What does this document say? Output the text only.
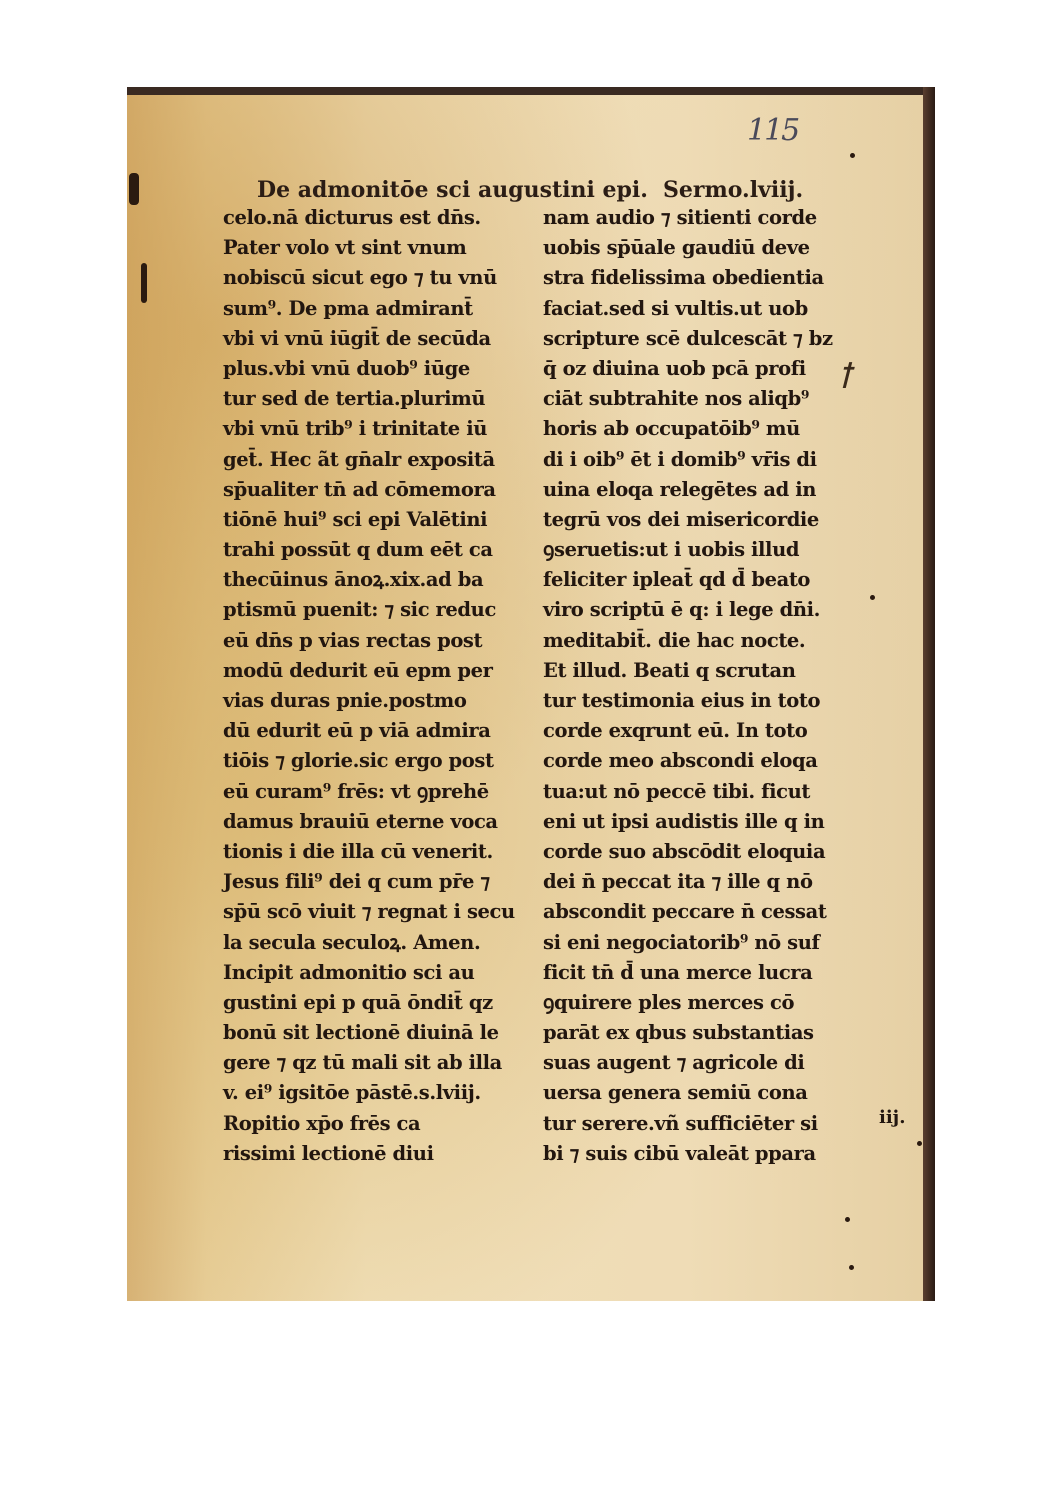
115
De admonitōe sci augustini epi. Sermo.lviij.
ꝉ
celo.nā dicturus est dn̄s.
Pater volo vt sint vnum
nobiscū sicut ego ⁊ tu vnū
sum⁹. De pma admirant̄
vbi vi vnū iūgit̄ de secūda
plus.vbi vnū duob⁹ iūge
tur sed de tertia.plurimū
vbi vnū trib⁹ i trinitate iū
get̄. Hec ãt gn̄alr expositā
sp̄ualiter tn̄ ad cōmemora
tiōnē hui⁹ sci epi Valētini
trahi possūt q dum eēt ca
thecūinus ānoꝝ.xix.ad ba
ptismū puenit: ⁊ sic reduc
eū dn̄s p vias rectas post
modū dedurit eū epm per
vias duras pnie.postmo
dū edurit eū p viā admira
tiōis ⁊ glorie.sic ergo post
eū curam⁹ frēs: vt ꝯprehē
damus brauiū eterne voca
tionis i die illa cū venerit.
Jesus fili⁹ dei q cum pr̄e ⁊
sp̄ū scō viuit ⁊ regnat i secu
la secula seculoꝝ. Amen.
Incipit admonitio sci au
gustini epi p quā ōndit̄ qz
bonū sit lectionē diuinā le
gere ⁊ qz tū mali sit ab illa
v. ei⁹ igsitōe pāstē.s.lviij.
Ropitio xp̄o frēs ca
rissimi lectionē diui
nam audio ⁊ sitienti corde
uobis sp̄ūale gaudiū deve
stra fidelissima obedientia
faciat.sed si vultis.ut uob
scripture scē dulcescāt ⁊ bz
q̄ oz diuina uob pcā profi
ciāt subtrahite nos aliqb⁹
horis ab occupatōib⁹ mū
di i oib⁹ ēt i domib⁹ vr̄is di
uina eloqa relegētes ad in
tegrū vos dei misericordie
ꝯseruetis:ut i uobis illud
feliciter ipleat̄ qd d̄ beato
viro scriptū ē q: i lege dn̄i.
meditabit̄. die hac nocte.
Et illud. Beati q scrutan
tur testimonia eius in toto
corde exqrunt eū. In toto
corde meo abscondi eloqa
tua:ut nō peccē tibi. ficut
eni ut ipsi audistis ille q in
corde suo abscōdit eloquia
dei n̄ peccat ita ⁊ ille q nō
abscondit peccare n̄ cessat
si eni negociatorib⁹ nō suf
ficit tn̄ d̄ una merce lucra
ꝯquirere ples merces cō
parāt ex qbus substantias
suas augent ⁊ agricole di
uersa genera semiū cona
tur serere.vñ sufficiēter si
bi ⁊ suis cibū valeāt ppara
iij.
